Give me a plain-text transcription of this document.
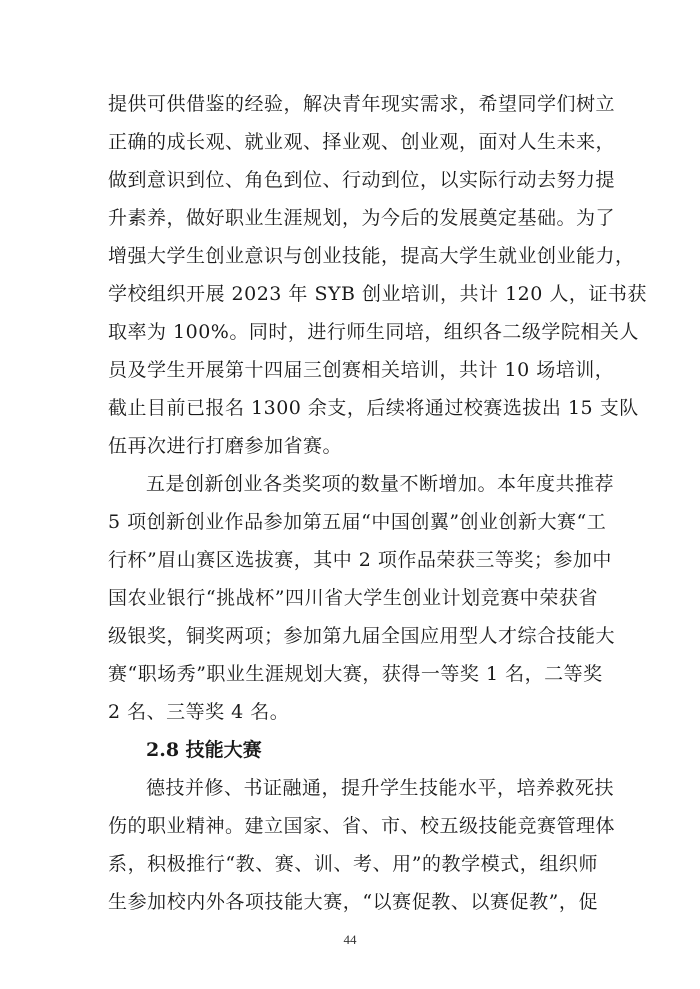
提供可供借鉴的经验，解决青年现实需求，希望同学们树立
正确的成长观、就业观、择业观、创业观，面对人生未来，
做到意识到位、角色到位、行动到位，以实际行动去努力提
升素养，做好职业生涯规划，为今后的发展奠定基础。为了
增强大学生创业意识与创业技能，提高大学生就业创业能力，
学校组织开展 2023 年 SYB 创业培训，共计 120 人，证书获
取率为 100%。同时，进行师生同培，组织各二级学院相关人
员及学生开展第十四届三创赛相关培训，共计 10 场培训，
截止目前已报名 1300 余支，后续将通过校赛选拔出 15 支队
伍再次进行打磨参加省赛。
五是创新创业各类奖项的数量不断增加。本年度共推荐
5 项创新创业作品参加第五届“中国创翼”创业创新大赛“工
行杯”眉山赛区选拔赛，其中 2 项作品荣获三等奖；参加中
国农业银行“挑战杯”四川省大学生创业计划竞赛中荣获省
级银奖，铜奖两项；参加第九届全国应用型人才综合技能大
赛“职场秀”职业生涯规划大赛，获得一等奖 1 名，二等奖
2 名、三等奖 4 名。
2.8 技能大赛
德技并修、书证融通，提升学生技能水平，培养救死扶
伤的职业精神。建立国家、省、市、校五级技能竞赛管理体
系，积极推行“教、赛、训、考、用”的教学模式，组织师
生参加校内外各项技能大赛，“以赛促教、以赛促教”，促
44
